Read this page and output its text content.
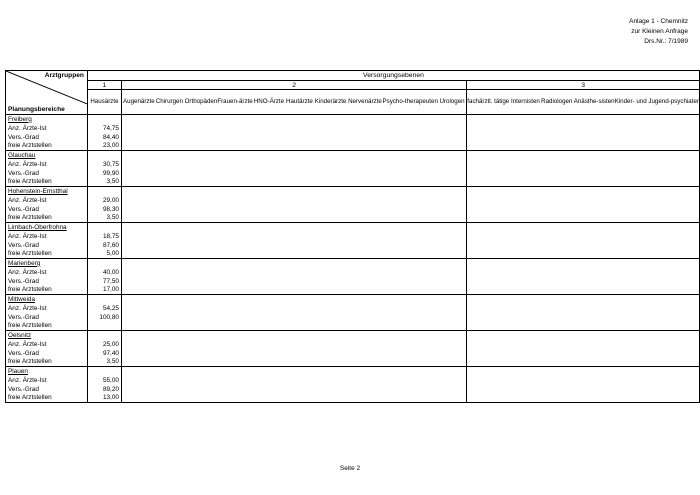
Anlage 1 - Chemnitz
zur Kleinen Anfrage
Drs.Nr.: 7/1989
Arztgruppen
Planungsbereiche	Versorgungsebenen													
	1	2									3			
	Hausärzte	Augenärzte	Chirurgen Orthopäden	Frauen-ärzte	HNO-Ärzte	Hautärzte	Kinderärzte	Nervenärzte	Psycho-therapeuten	Urologen	fachärztl. tätige Internisten	Radiologen	Anästhe-sisten	Kinder- und Jugend-psychiater
Freiberg														
Anz. Ärzte-Ist	74,75													
Vers.-Grad	84,40													
freie Arztstellen	23,00													
Glauchau														
Anz. Ärzte-Ist	30,75													
Vers.-Grad	99,90													
freie Arztstellen	3,50													
Hohenstein-Ernstthal														
Anz. Ärzte-Ist	29,00													
Vers.-Grad	98,30													
freie Arztstellen	3,50													
Limbach-Oberfrohna														
Anz. Ärzte-Ist	18,75													
Vers.-Grad	87,60													
freie Arztstellen	5,00													
Marienberg														
Anz. Ärzte-Ist	40,00													
Vers.-Grad	77,50													
freie Arztstellen	17,00													
Mittweida														
Anz. Ärzte-Ist	54,25													
Vers.-Grad	100,80													
freie Arztstellen														
Oelsnitz														
Anz. Ärzte-Ist	25,00													
Vers.-Grad	97,40													
freie Arztstellen	3,50													
Plauen														
Anz. Ärzte-Ist	55,00													
Vers.-Grad	89,20													
freie Arztstellen	13,00													
Seite 2
